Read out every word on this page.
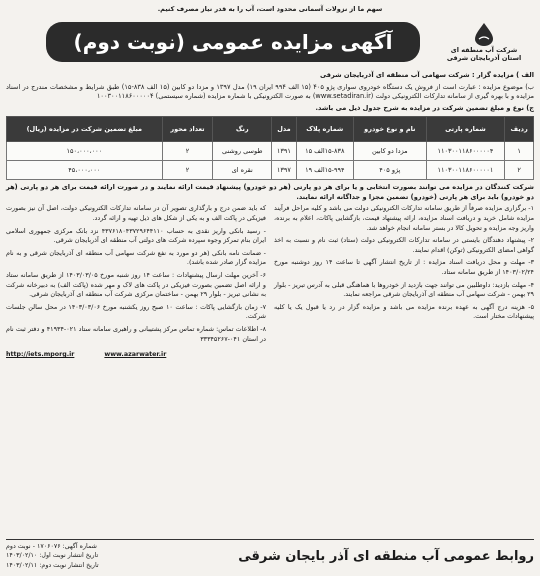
سهم ما از نزولات آسمانی محدود است، آب را به قدر نیاز مصرف کنیم.
شرکت آب منطقه ای
استان آذربایجان شرقی
آگهی مزایده عمومی (نوبت دوم)
الف ) مزایده گزار : شرکت سهامی آب منطقه ای آذربایجان شرقی
ب) موضوع مزایده : عبارت است از فروش یک دستگاه خودروی سواری پژو ۴۰۵ (۱۵ الف ۹۹۴ ایران ۱۹) مدل ۱۳۹۷ و مزدا دو کابین (۱۵ الف ۸۳۸-۱۵) طبق شرایط و مشخصات مندرج در اسناد مزایده و با بهره گیری از سامانه تدارکات الکترونیکی دولت (www.setadiran.ir) به صورت الکترونیکی با شماره مزایده (شماره سیستمی) ۱۰۰۳۰۰۱۱۸۶۰۰۰۰۰۴
ج) نوع و مبلغ تضمین شرکت در مزایده به شرح جدول ذیل می باشد.
ردیف	شماره پارتی	نام و نوع خودرو	شماره پلاک	مدل	رنگ	تعداد محور	مبلغ تضمین شرکت در مزایده (ریال)
۱	۱۱۰۳۰۰۱۱۸۶۰۰۰۰۰۴	مزدا دو کابین	۱۵-۸۳۸الف ۱۵	۱۳۹۱	طوسی روشنی	۲	۱۵۰،۰۰۰،۰۰۰
۲	۱۱۰۳۰۰۱۱۸۶۰۰۰۰۰۱	پژو ۴۰۵	۱۵-۹۹۴الف ۱۹	۱۳۹۷	نقره ای	۲	۴۵،۰۰۰،۰۰۰
شرکت کنندگان در مزایده می توانند بصورت انتخابی و یا برای هر دو پارتی (هر دو خودرو) پیشنهاد قیمت ارائه نمایند و در صورت ارائه قیمت برای هر دو پارتی (هر دو خودرو) باید برای هر پارتی (خودرو) تضمین مجزا و جداگانه ارائه نمایند.

۱- برگزاری مزایده صرفاً از طریق سامانه تدارکات الکترونیکی دولت می باشد و کلیه مراحل فرآیند مزایده شامل خرید و دریافت اسناد مزایده، ارائه پیشنهاد قیمت، بازگشایی پاکات، اعلام به برنده، واریز وجه مزایده و تحویل کالا در بستر سامانه انجام خواهد شد.

۲- پیشنهاد دهندگان بایستی در سامانه تدارکات الکترونیکی دولت (ستاد) ثبت نام و نسبت به اخذ گواهی امضای الکترونیکی (توکن) اقدام نمایند.

۳- مهلت و محل دریافت اسناد مزایده : از تاریخ انتشار آگهی تا ساعت ۱۴ روز دوشنبه مورخ ۱۴۰۳/۰۲/۲۴ از طریق سامانه ستاد.

۴- مهلت بازدید: داوطلبین می توانند جهت بازدید از خودروها با هماهنگی قبلی به آدرس تبریز - بلوار ۲۹ بهمن - شرکت سهامی آب منطقه ای آذربایجان شرقی مراجعه نمایند.

۵- هزینه درج آگهی به عهده برنده مزایده می باشد و مزایده گزار در رد یا قبول یک یا کلیه پیشنهادات مختار است.

که باید ضمن درج و بارگذاری تصویر آن در سامانه تدارکات الکترونیکی دولت، اصل آن نیز بصورت فیزیکی در پاکت الف و به یکی از شکل های ذیل تهیه و ارائه گردد.

- رسید بانکی واریز نقدی به حساب ۴۳۷۶۱۸۰۴۳۷۲۹۶۴۴۱۱۰ نزد بانک مرکزی جمهوری اسلامی ایران بنام تمرکز وجوه سپرده شرکت های دولتی آب منطقه ای آذربایجان شرقی.

- ضمانت نامه بانکی (هر دو مورد به نفع شرکت سهامی آب منطقه ای آذربایجان شرقی و به نام مزایده گزار صادر شده باشد).

۶- آخرین مهلت ارسال پیشنهادات : ساعت ۱۴ روز شنبه مورخ ۱۴۰۳/۰۳/۰۵ از طریق سامانه ستاد و ارائه اصل تضمین بصورت فیزیکی در پاکت های لاک و مهر شده (پاکت الف) به دبیرخانه شرکت به نشانی تبریز - بلوار ۲۹ بهمن - ساختمان مرکزی شرکت آب منطقه ای آذربایجان شرقی.

۷- زمان بازگشایی پاکات : ساعت ۱۰ صبح روز یکشنبه مورخ ۱۴۰۳/۰۳/۰۶ در محل سالن جلسات شرکت.

۸- اطلاعات تماس: شماره تماس مرکز پشتیبانی و راهبری سامانه ستاد ۰۲۱-۴۱۹۳۴ و دفتر ثبت نام در استان ۰۴۱-۳۳۳۴۵۲۶۷

http://iets.mporg.ir	www.azarwater.ir
روابط عمومی آب منطقه ای آذر بایجان شرقی
شماره آگهی: ۱۷۰۶۰۷۶ - نوبت دوم
تاریخ انتشار نوبت اول: ۱۴۰۳/۰۲/۱۰
تاریخ انتشار نوبت دوم: ۱۴۰۳/۰۲/۱۱
